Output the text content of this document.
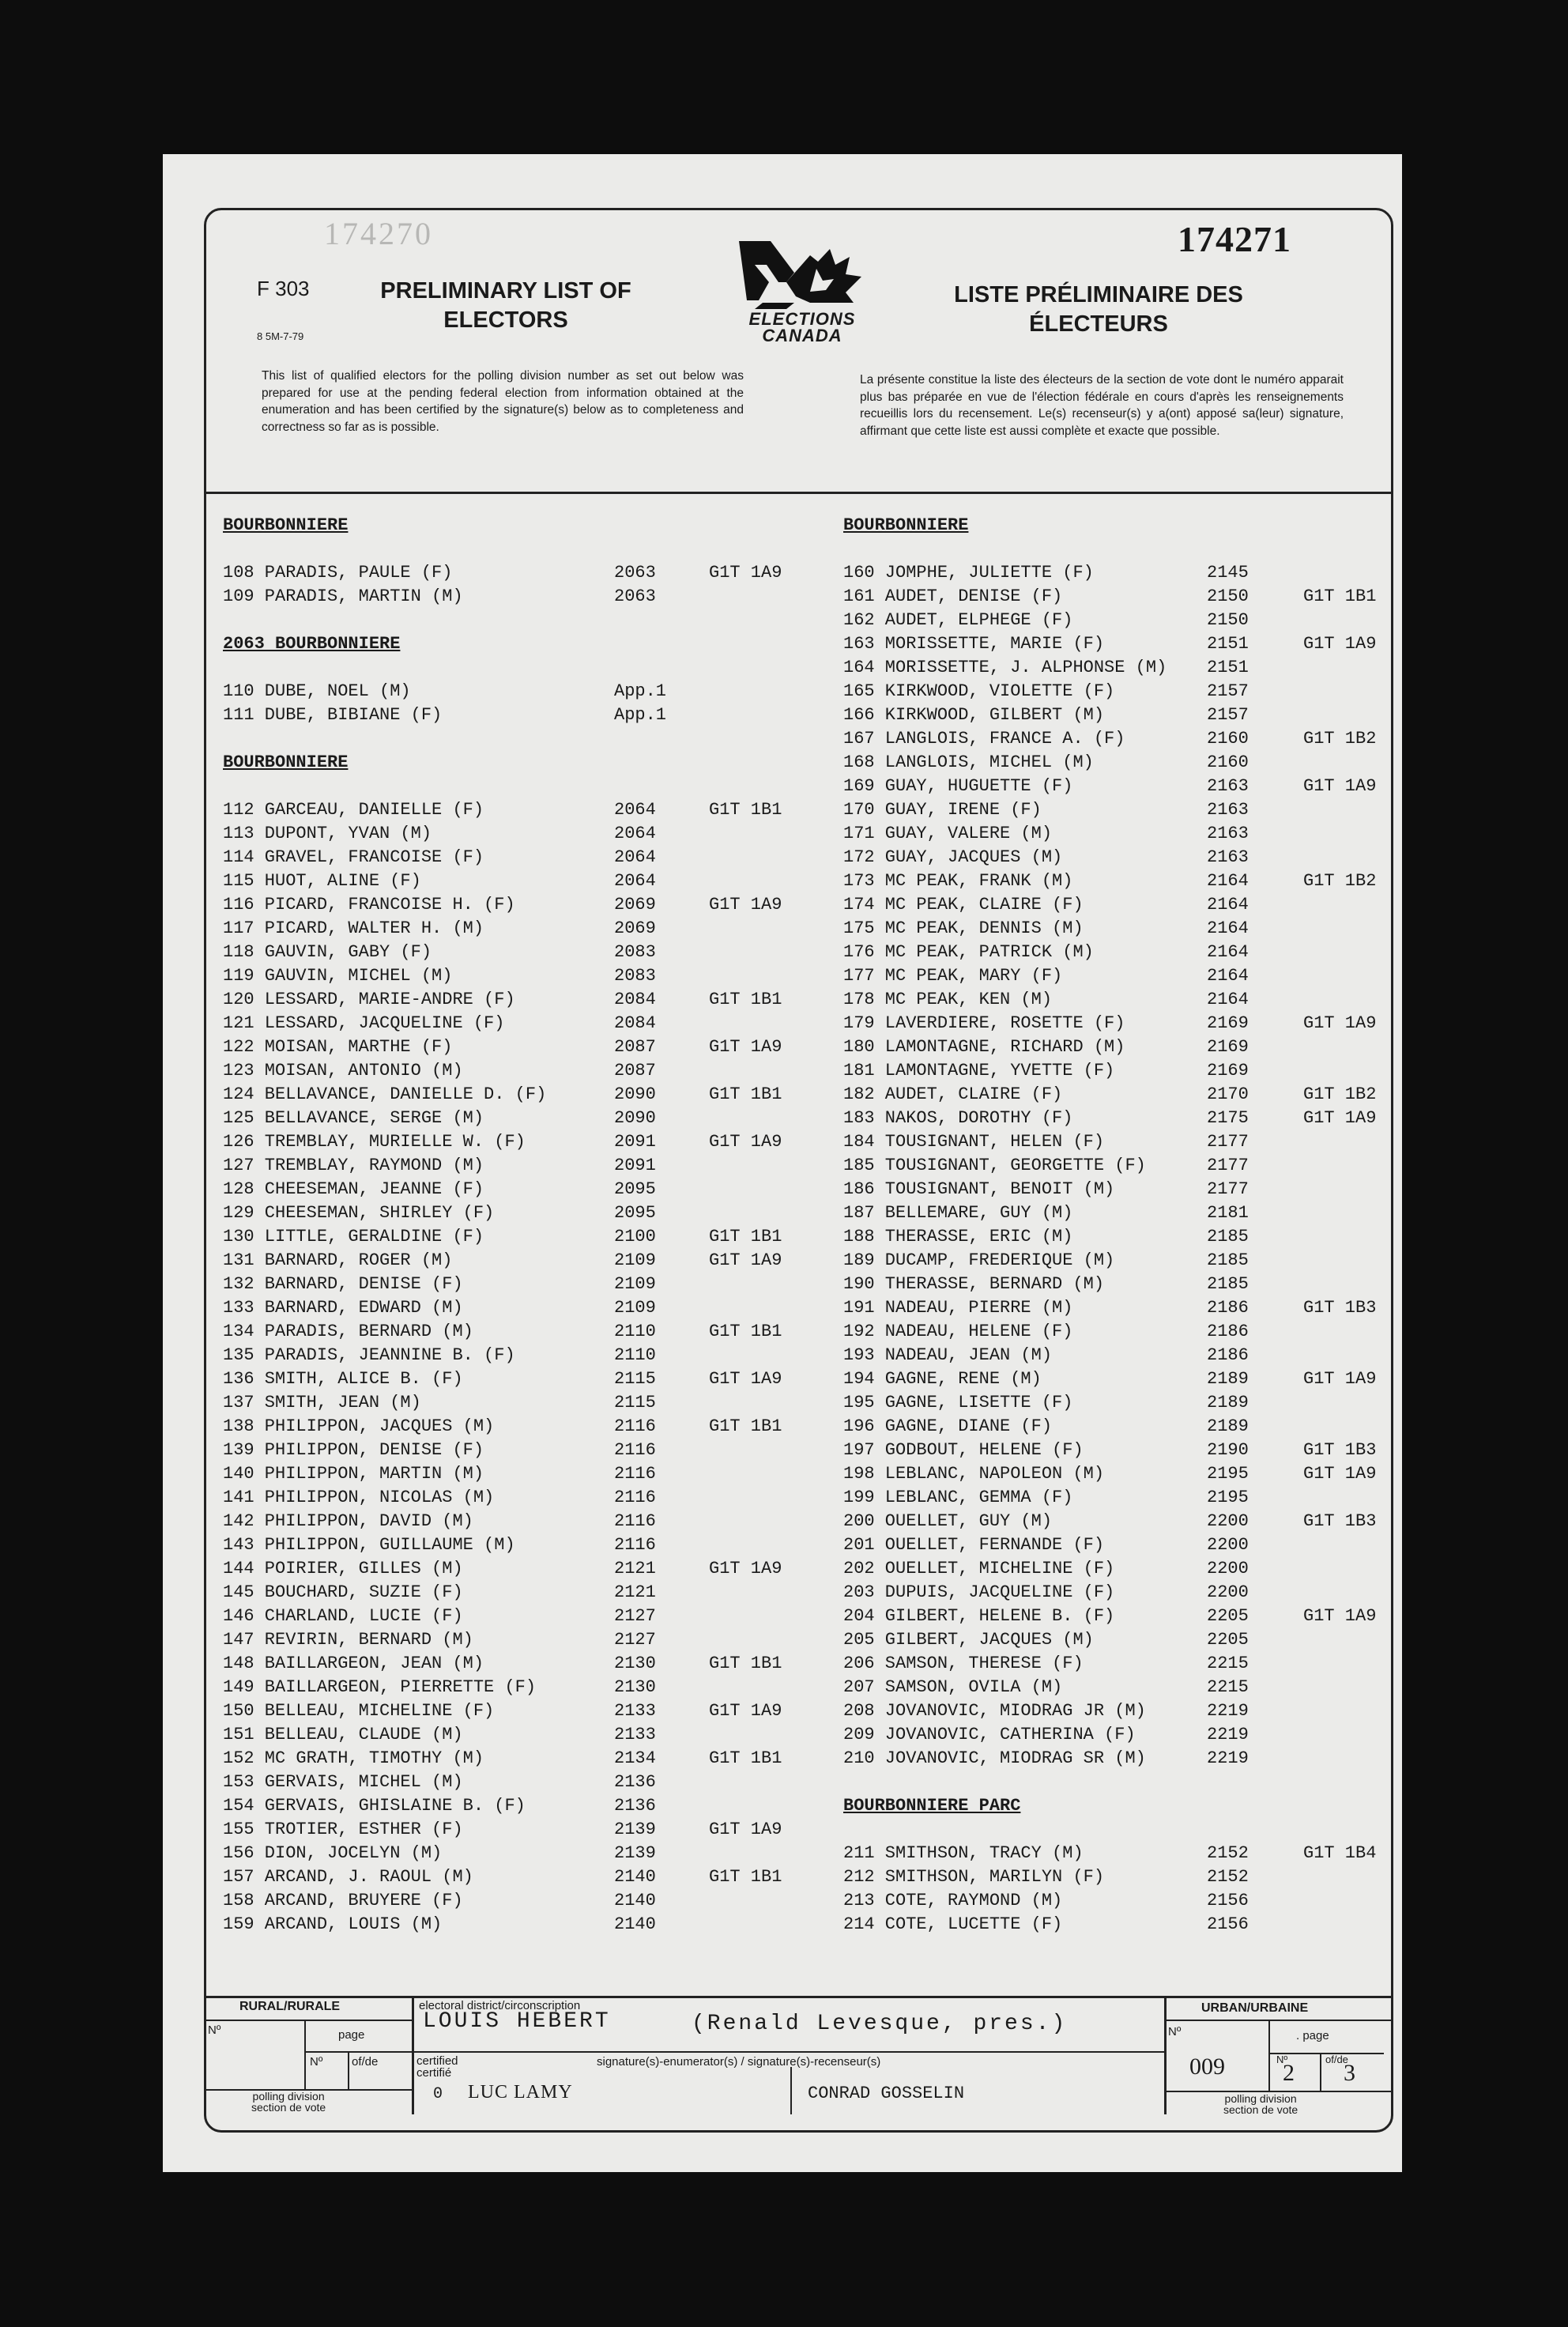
174270
F 303
8 5M-7-79
PRELIMINARY LIST OF
ELECTORS	ELECTIONS
CANADA
LISTE PRÉLIMINAIRE DES
ÉLECTEURS
174271
This list of qualified electors for the polling division number as set out below was prepared for use at the pending federal election from information obtained at the enumeration and has been certified by the signature(s) below as to completeness and correctness so far as is possible.
La présente constitue la liste des électeurs de la section de vote dont le numéro apparait plus bas préparée en vue de l'élection fédérale en cours d'après les renseignements recueillis lors du recensement. Le(s) recenseur(s) y a(ont) apposé sa(leur) signature, affirmant que cette liste est aussi complète et exacte que possible.
BOURBONNIERE
108 PARADIS, PAULE (F)	2063	G1T 1A9
109 PARADIS, MARTIN (M)	2063
2063 BOURBONNIERE
110 DUBE, NOEL (M)	App.1
111 DUBE, BIBIANE (F)	App.1
BOURBONNIERE
112 GARCEAU, DANIELLE (F)	2064	G1T 1B1
113 DUPONT, YVAN (M)	2064
114 GRAVEL, FRANCOISE (F)	2064
115 HUOT, ALINE (F)	2064
116 PICARD, FRANCOISE H. (F)	2069	G1T 1A9
117 PICARD, WALTER H. (M)	2069
118 GAUVIN, GABY (F)	2083
119 GAUVIN, MICHEL (M)	2083
120 LESSARD, MARIE-ANDRE (F)	2084	G1T 1B1
121 LESSARD, JACQUELINE (F)	2084
122 MOISAN, MARTHE (F)	2087	G1T 1A9
123 MOISAN, ANTONIO (M)	2087
124 BELLAVANCE, DANIELLE D. (F)	2090	G1T 1B1
125 BELLAVANCE, SERGE (M)	2090
126 TREMBLAY, MURIELLE W. (F)	2091	G1T 1A9
127 TREMBLAY, RAYMOND (M)	2091
128 CHEESEMAN, JEANNE (F)	2095
129 CHEESEMAN, SHIRLEY (F)	2095
130 LITTLE, GERALDINE (F)	2100	G1T 1B1
131 BARNARD, ROGER (M)	2109	G1T 1A9
132 BARNARD, DENISE (F)	2109
133 BARNARD, EDWARD (M)	2109
134 PARADIS, BERNARD (M)	2110	G1T 1B1
135 PARADIS, JEANNINE B. (F)	2110
136 SMITH, ALICE B. (F)	2115	G1T 1A9
137 SMITH, JEAN (M)	2115
138 PHILIPPON, JACQUES (M)	2116	G1T 1B1
139 PHILIPPON, DENISE (F)	2116
140 PHILIPPON, MARTIN (M)	2116
141 PHILIPPON, NICOLAS (M)	2116
142 PHILIPPON, DAVID (M)	2116
143 PHILIPPON, GUILLAUME (M)	2116
144 POIRIER, GILLES (M)	2121	G1T 1A9
145 BOUCHARD, SUZIE (F)	2121
146 CHARLAND, LUCIE (F)	2127
147 REVIRIN, BERNARD (M)	2127
148 BAILLARGEON, JEAN (M)	2130	G1T 1B1
149 BAILLARGEON, PIERRETTE (F)	2130
150 BELLEAU, MICHELINE (F)	2133	G1T 1A9
151 BELLEAU, CLAUDE (M)	2133
152 MC GRATH, TIMOTHY (M)	2134	G1T 1B1
153 GERVAIS, MICHEL (M)	2136
154 GERVAIS, GHISLAINE B. (F)	2136
155 TROTIER, ESTHER (F)	2139	G1T 1A9
156 DION, JOCELYN (M)	2139
157 ARCAND, J. RAOUL (M)	2140	G1T 1B1
158 ARCAND, BRUYERE (F)	2140
159 ARCAND, LOUIS (M)	2140
BOURBONNIERE
160 JOMPHE, JULIETTE (F)	2145
161 AUDET, DENISE (F)	2150	G1T 1B1
162 AUDET, ELPHEGE (F)	2150
163 MORISSETTE, MARIE (F)	2151	G1T 1A9
164 MORISSETTE, J. ALPHONSE (M) 2151
165 KIRKWOOD, VIOLETTE (F)	2157
166 KIRKWOOD, GILBERT (M)	2157
167 LANGLOIS, FRANCE A. (F)	2160	G1T 1B2
168 LANGLOIS, MICHEL (M)	2160
169 GUAY, HUGUETTE (F)	2163	G1T 1A9
170 GUAY, IRENE (F)	2163
171 GUAY, VALERE (M)	2163
172 GUAY, JACQUES (M)	2163
173 MC PEAK, FRANK (M)	2164	G1T 1B2
174 MC PEAK, CLAIRE (F)	2164
175 MC PEAK, DENNIS (M)	2164
176 MC PEAK, PATRICK (M)	2164
177 MC PEAK, MARY (F)	2164
178 MC PEAK, KEN (M)	2164
179 LAVERDIERE, ROSETTE (F)	2169	G1T 1A9
180 LAMONTAGNE, RICHARD (M)	2169
181 LAMONTAGNE, YVETTE (F)	2169
182 AUDET, CLAIRE (F)	2170	G1T 1B2
183 NAKOS, DOROTHY (F)	2175	G1T 1A9
184 TOUSIGNANT, HELEN (F)	2177
185 TOUSIGNANT, GEORGETTE (F)	2177
186 TOUSIGNANT, BENOIT (M)	2177
187 BELLEMARE, GUY (M)	2181
188 THERASSE, ERIC (M)	2185
189 DUCAMP, FREDERIQUE (M)	2185
190 THERASSE, BERNARD (M)	2185
191 NADEAU, PIERRE (M)	2186	G1T 1B3
192 NADEAU, HELENE (F)	2186
193 NADEAU, JEAN (M)	2186
194 GAGNE, RENE (M)	2189	G1T 1A9
195 GAGNE, LISETTE (F)	2189
196 GAGNE, DIANE (F)	2189
197 GODBOUT, HELENE (F)	2190	G1T 1B3
198 LEBLANC, NAPOLEON (M)	2195	G1T 1A9
199 LEBLANC, GEMMA (F)	2195
200 OUELLET, GUY (M)	2200	G1T 1B3
201 OUELLET, FERNANDE (F)	2200
202 OUELLET, MICHELINE (F)	2200
203 DUPUIS, JACQUELINE (F)	2200
204 GILBERT, HELENE B. (F)	2205	G1T 1A9
205 GILBERT, JACQUES (M)	2205
206 SAMSON, THERESE (F)	2215
207 SAMSON, OVILA (M)	2215
208 JOVANOVIC, MIODRAG JR (M)	2219
209 JOVANOVIC, CATHERINA (F)	2219
210 JOVANOVIC, MIODRAG SR (M)	2219
BOURBONNIERE PARC
211 SMITHSON, TRACY (M)	2152	G1T 1B4
212 SMITHSON, MARILYN (F)	2152
213 COTE, RAYMOND (M)	2156
214 COTE, LUCETTE (F)	2156
RURAL/RURALE
Nº	page
Nº of/de
polling division
section de vote
electoral district/circonscription
LOUIS HEBERT	(Renald Levesque, pres.)
certified
certifié
signature(s)-enumerator(s) / signature(s)-recenseur(s)
0 LUC LAMY	CONRAD GOSSELIN
URBAN/URBAINE
Nº	. page
009	Nº
2
of/de
3
polling division
section de vote
